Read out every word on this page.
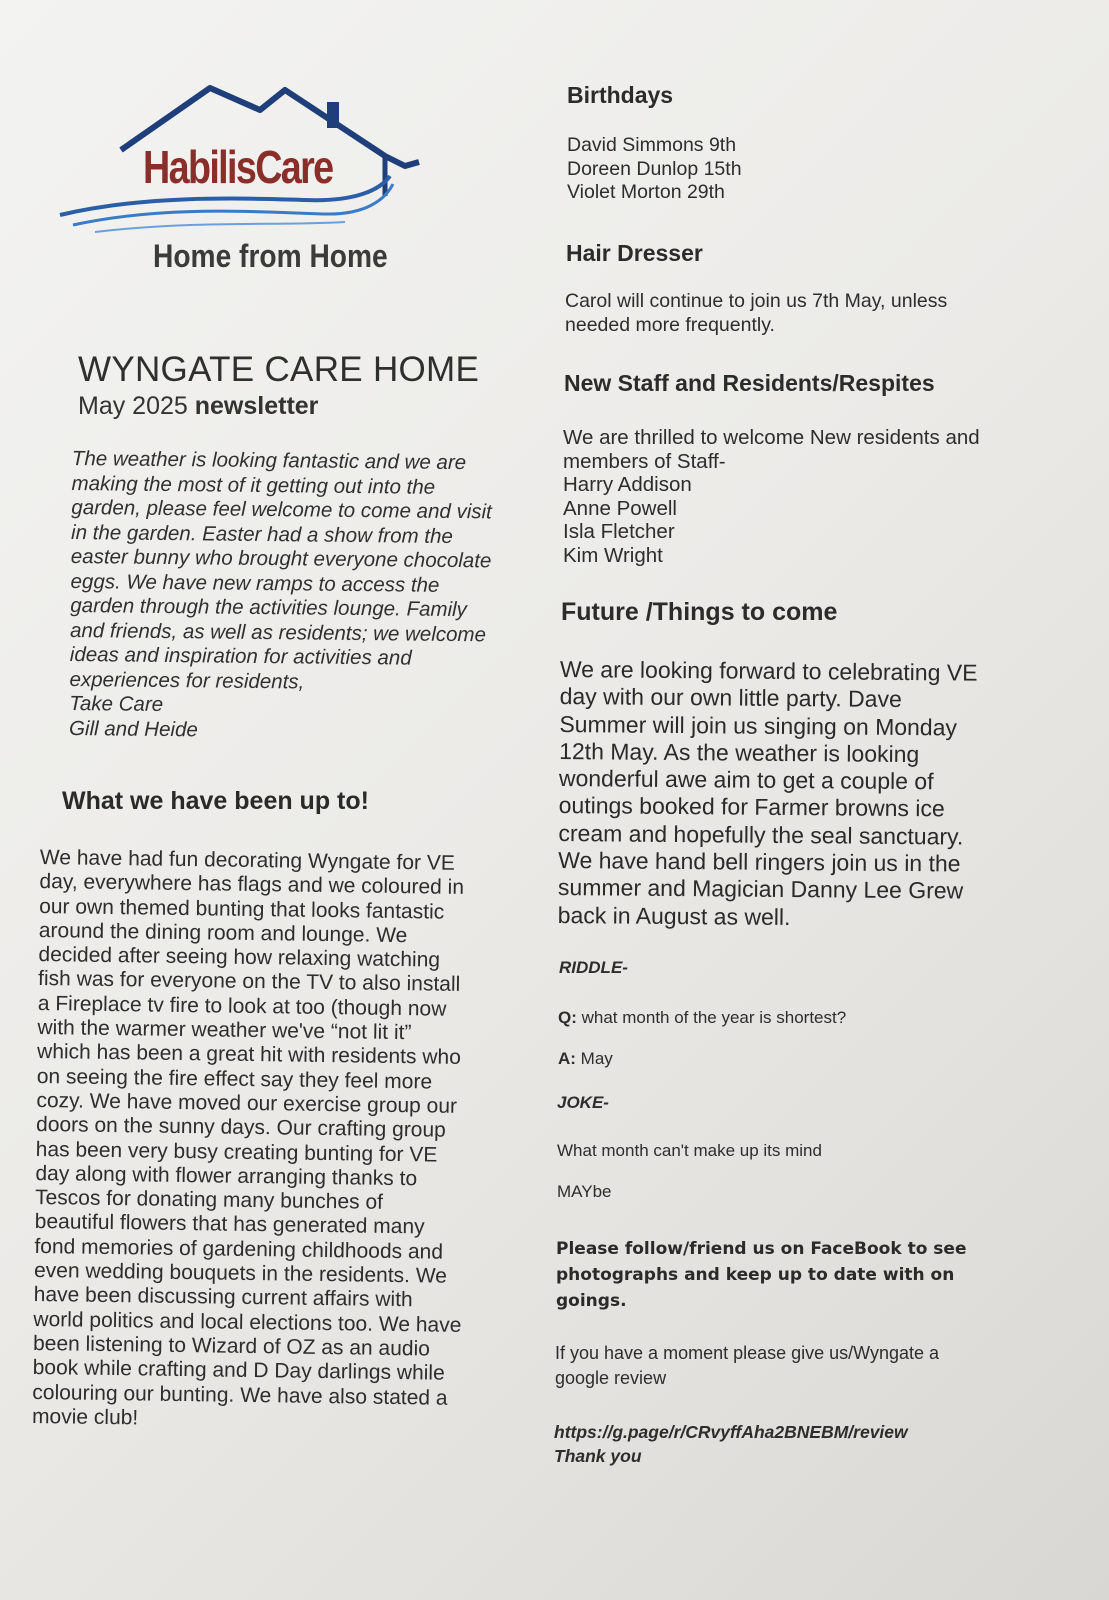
HabilisCare
Home from Home
WYNGATE CARE HOME
May 2025 newsletter

The weather is looking fantastic and we are

making the most of it getting out into the

garden, please feel welcome to come and visit

in the garden. Easter had a show from the

easter bunny who brought everyone chocolate

eggs. We have new ramps to access the

garden through the activities lounge. Family

and friends, as well as residents; we welcome

ideas and inspiration for activities and

experiences for residents,

Take Care

Gill and Heide

What we have been up to!
We have had fun decorating Wyngate for VE
day, everywhere has flags and we coloured in
our own themed bunting that looks fantastic
around the dining room and lounge. We
decided after seeing how relaxing watching
fish was for everyone on the TV to also install
a Fireplace tv fire to look at too (though now
with the warmer weather we've “not lit it”
which has been a great hit with residents who
on seeing the fire effect say they feel more
cozy. We have moved our exercise group our
doors on the sunny days. Our crafting group
has been very busy creating bunting for VE
day along with flower arranging thanks to
Tescos for donating many bunches of
beautiful flowers that has generated many
fond memories of gardening childhoods and
even wedding bouquets in the residents. We
have been discussing current affairs with
world politics and local elections too. We have
been listening to Wizard of OZ as an audio
book while crafting and D Day darlings while
colouring our bunting. We have also stated a
movie club!
Birthdays
David Simmons 9th
Doreen Dunlop 15th
Violet Morton 29th
Hair Dresser
Carol will continue to join us 7th May, unless
needed more frequently.
New Staff and Residents/Respites
We are thrilled to welcome New residents and
members of Staff-
Harry Addison
Anne Powell
Isla Fletcher
Kim Wright
Future /Things to come
We are looking forward to celebrating VE
day with our own little party. Dave
Summer will join us singing on Monday
12th May. As the weather is looking
wonderful awe aim to get a couple of
outings booked for Farmer browns ice
cream and hopefully the seal sanctuary.
We have hand bell ringers join us in the
summer and Magician Danny Lee Grew
back in August as well.
RIDDLE-
Q: what month of the year is shortest?
A: May
JOKE-
What month can't make up its mind
MAYbe
Please follow/friend us on FaceBook to see
photographs and keep up to date with on
goings.
If you have a moment please give us/Wyngate a
google review
https://g.page/r/CRvyffAha2BNEBM/review
Thank you
